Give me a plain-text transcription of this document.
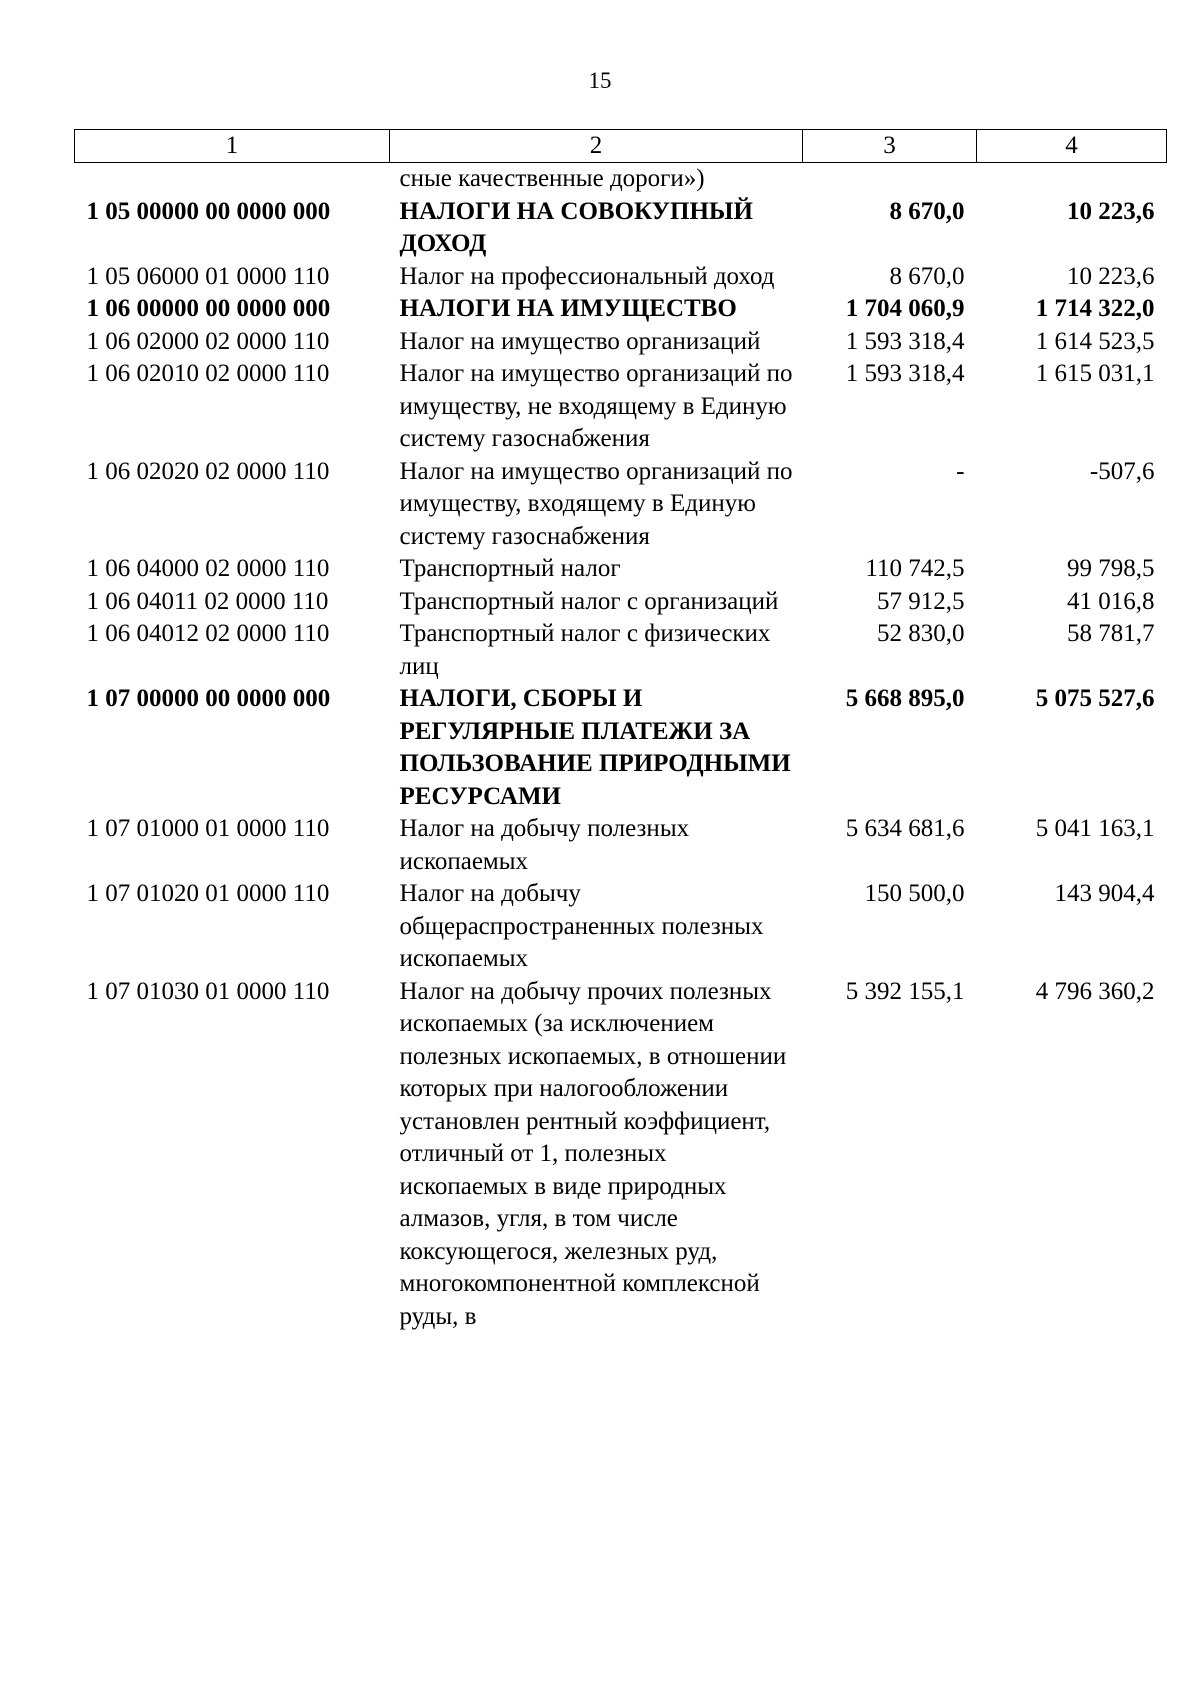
15
1	2	3	4
	сные качественные дороги»)		
1 05 00000 00 0000 000	НАЛОГИ НА СОВОКУПНЫЙ ДОХОД	8 670,0	10 223,6
1 05 06000 01 0000 110	Налог на профессиональный доход	8 670,0	10 223,6
1 06 00000 00 0000 000	НАЛОГИ НА ИМУЩЕСТВО	1 704 060,9	1 714 322,0
1 06 02000 02 0000 110	Налог на имущество организаций	1 593 318,4	1 614 523,5
1 06 02010 02 0000 110	Налог на имущество организаций по имуществу, не входящему в Единую систему газоснабжения	1 593 318,4	1 615 031,1
1 06 02020 02 0000 110	Налог на имущество организаций по имуществу, входящему в Единую систему газоснабжения	-	-507,6
1 06 04000 02 0000 110	Транспортный налог	110 742,5	99 798,5
1 06 04011 02 0000 110	Транспортный налог с организаций	57 912,5	41 016,8
1 06 04012 02 0000 110	Транспортный налог с физических лиц	52 830,0	58 781,7
1 07 00000 00 0000 000	НАЛОГИ, СБОРЫ И РЕГУЛЯРНЫЕ ПЛАТЕЖИ ЗА ПОЛЬЗОВАНИЕ ПРИРОДНЫМИ РЕСУРСАМИ	5 668 895,0	5 075 527,6
1 07 01000 01 0000 110	Налог на добычу полезных ископаемых	5 634 681,6	5 041 163,1
1 07 01020 01 0000 110	Налог на добычу общераспространенных полезных ископаемых	150 500,0	143 904,4
1 07 01030 01 0000 110	Налог на добычу прочих полезных ископаемых (за исключением полезных ископаемых, в отношении которых при налогообложении установлен рентный коэффициент, отличный от 1, полезных ископаемых в виде природных алмазов, угля, в том числе коксующегося, железных руд, многокомпонентной комплексной руды, в	5 392 155,1	4 796 360,2
